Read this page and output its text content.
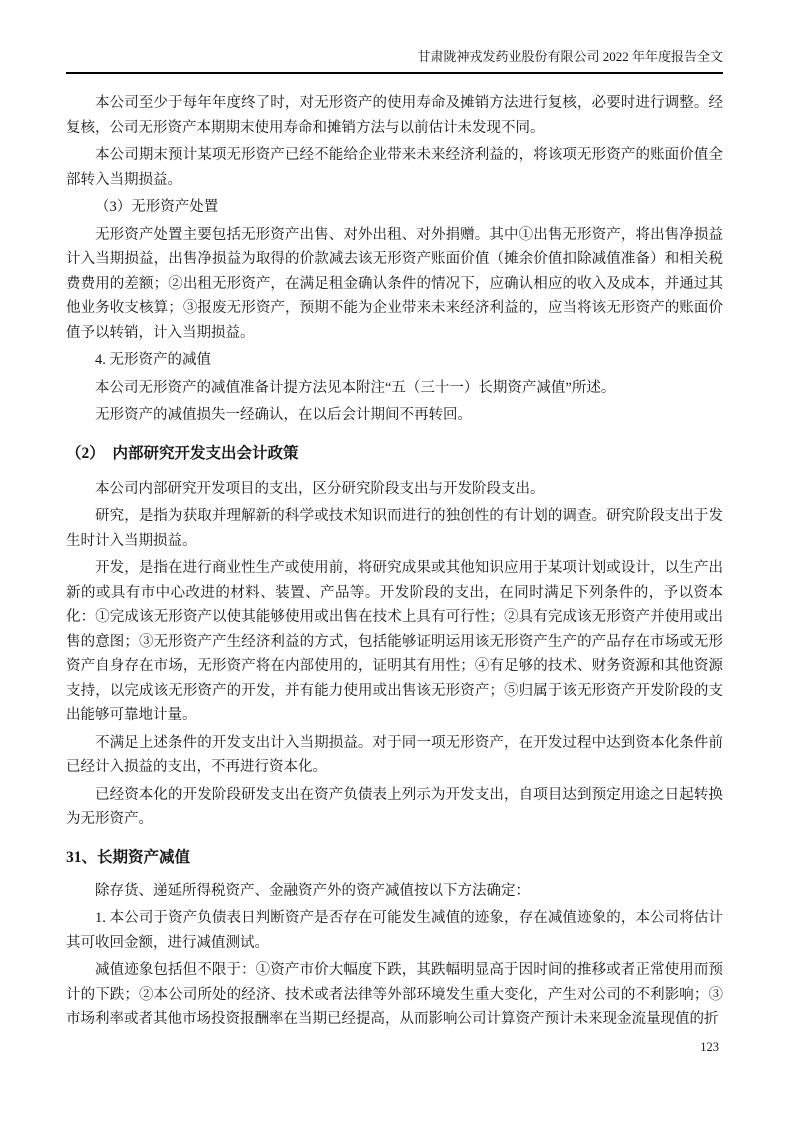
甘肃陇神戎发药业股份有限公司 2022 年年度报告全文

本公司至少于每年年度终了时，对无形资产的使用寿命及摊销方法进行复核，必要时进行调整。经复核，公司无形资产本期期末使用寿命和摊销方法与以前估计未发现不同。

本公司期末预计某项无形资产已经不能给企业带来未来经济利益的，将该项无形资产的账面价值全部转入当期损益。

（3）无形资产处置

无形资产处置主要包括无形资产出售、对外出租、对外捐赠。其中①出售无形资产，将出售净损益计入当期损益，出售净损益为取得的价款减去该无形资产账面价值（摊余价值扣除减值准备）和相关税费费用的差额；②出租无形资产，在满足租金确认条件的情况下，应确认相应的收入及成本，并通过其他业务收支核算；③报废无形资产，预期不能为企业带来未来经济利益的，应当将该无形资产的账面价值予以转销，计入当期损益。

4. 无形资产的减值

本公司无形资产的减值准备计提方法见本附注“五（三十一）长期资产减值”所述。

无形资产的减值损失一经确认，在以后会计期间不再转回。

（2）　内部研究开发支出会计政策

本公司内部研究开发项目的支出，区分研究阶段支出与开发阶段支出。

研究，是指为获取并理解新的科学或技术知识而进行的独创性的有计划的调查。研究阶段支出于发生时计入当期损益。

开发，是指在进行商业性生产或使用前，将研究成果或其他知识应用于某项计划或设计，以生产出新的或具有市中心改进的材料、装置、产品等。开发阶段的支出，在同时满足下列条件的，予以资本化：①完成该无形资产以使其能够使用或出售在技术上具有可行性；②具有完成该无形资产并使用或出售的意图；③无形资产产生经济利益的方式，包括能够证明运用该无形资产生产的产品存在市场或无形资产自身存在市场，无形资产将在内部使用的，证明其有用性；④有足够的技术、财务资源和其他资源支持，以完成该无形资产的开发，并有能力使用或出售该无形资产；⑤归属于该无形资产开发阶段的支出能够可靠地计量。

不满足上述条件的开发支出计入当期损益。对于同一项无形资产，在开发过程中达到资本化条件前已经计入损益的支出，不再进行资本化。

已经资本化的开发阶段研发支出在资产负债表上列示为开发支出，自项目达到预定用途之日起转换为无形资产。

31、长期资产减值

除存货、递延所得税资产、金融资产外的资产减值按以下方法确定：

1. 本公司于资产负债表日判断资产是否存在可能发生减值的迹象，存在减值迹象的，本公司将估计其可收回金额，进行减值测试。

减值迹象包括但不限于：①资产市价大幅度下跌，其跌幅明显高于因时间的推移或者正常使用而预计的下跌；②本公司所处的经济、技术或者法律等外部环境发生重大变化，产生对公司的不利影响；③市场利率或者其他市场投资报酬率在当期已经提高，从而影响公司计算资产预计未来现金流量现值的折

123
